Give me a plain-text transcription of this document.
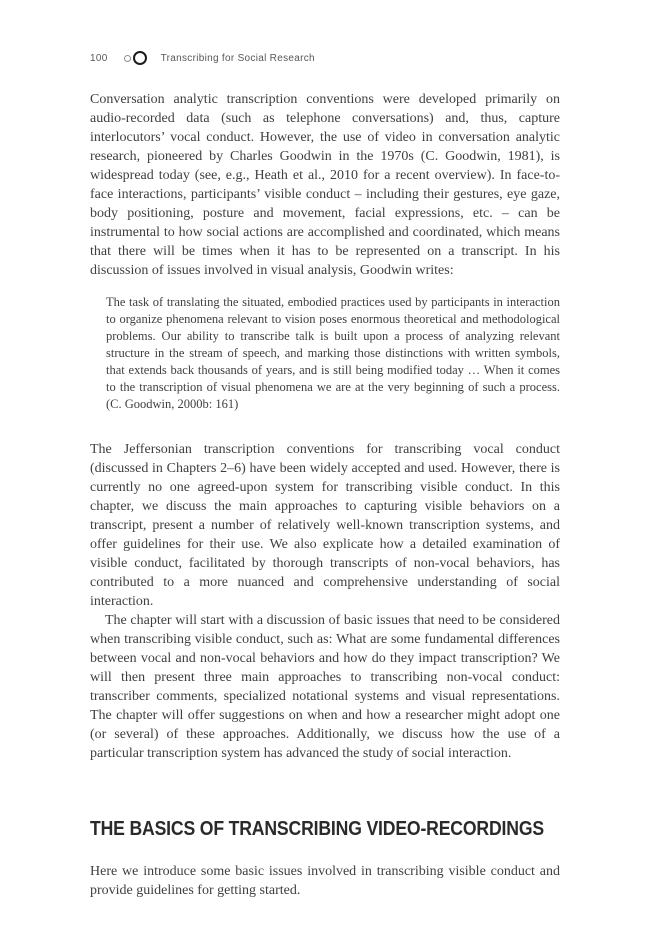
100	Transcribing for Social Research

Conversation analytic transcription conventions were developed primarily on audio-recorded data (such as telephone conversations) and, thus, capture interlocutors’ vocal conduct. However, the use of video in conversation analytic research, pioneered by Charles Goodwin in the 1970s (C. Goodwin, 1981), is widespread today (see, e.g., Heath et al., 2010 for a recent overview). In face-to-face interactions, participants’ visible conduct – including their gestures, eye gaze, body positioning, posture and movement, facial expressions, etc. – can be instrumental to how social actions are accomplished and coordinated, which means that there will be times when it has to be represented on a transcript. In his discussion of issues involved in visual analysis, Goodwin writes:

The task of translating the situated, embodied practices used by participants in interaction to organize phenomena relevant to vision poses enormous theoretical and methodological problems. Our ability to transcribe talk is built upon a process of analyzing relevant structure in the stream of speech, and marking those distinctions with written symbols, that extends back thousands of years, and is still being modified today … When it comes to the transcription of visual phenomena we are at the very beginning of such a process. (C. Goodwin, 2000b: 161)

The Jeffersonian transcription conventions for transcribing vocal conduct (discussed in Chapters 2–6) have been widely accepted and used. However, there is currently no one agreed-upon system for transcribing visible conduct. In this chapter, we discuss the main approaches to capturing visible behaviors on a transcript, present a number of relatively well-known transcription systems, and offer guidelines for their use. We also explicate how a detailed examination of visible conduct, facilitated by thorough transcripts of non-vocal behaviors, has contributed to a more nuanced and comprehensive understanding of social interaction.

The chapter will start with a discussion of basic issues that need to be considered when transcribing visible conduct, such as: What are some fundamental differences between vocal and non-vocal behaviors and how do they impact transcription? We will then present three main approaches to transcribing non-vocal conduct: transcriber comments, specialized notational systems and visual representations. The chapter will offer suggestions on when and how a researcher might adopt one (or several) of these approaches. Additionally, we discuss how the use of a particular transcription system has advanced the study of social interaction.

THE BASICS OF TRANSCRIBING VIDEO-RECORDINGS

Here we introduce some basic issues involved in transcribing visible conduct and provide guidelines for getting started.
